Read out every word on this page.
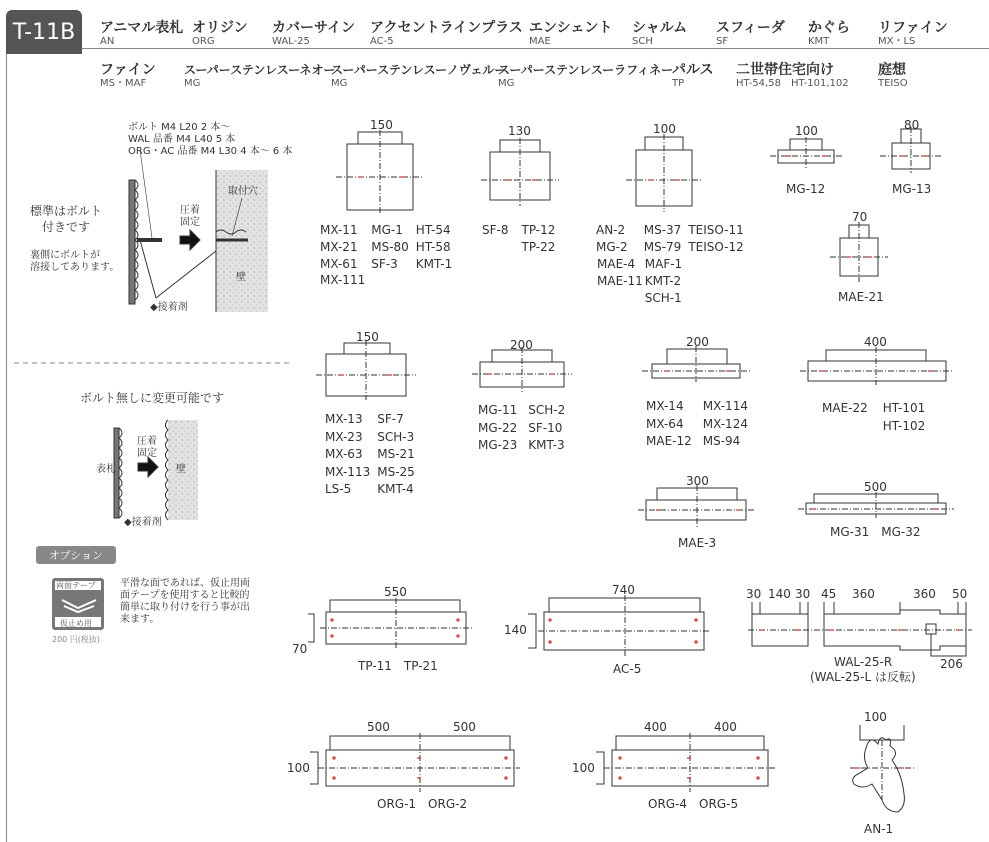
T-11B	アニマル表札
AN
オリジン
ORG
カバーサイン
WAL-25
アクセントラインプラス
AC-5
エンシェント
MAE
シャルム
SCH
スフィーダ
SF
かぐら
KMT
リファイン
MX・LS
ファイン
MS・MAF
スーパーステンレスーネオー
MG
スーパーステンレスーノヴェルー
MG
スーパーステンレスーラフィネー
MG
パルス
TP
二世帯住宅向け
HT-54,58　HT-101,102
庭想
TEISO
ボルト M4 L20 2 本〜
WAL 品番 M4 L40 5 本
ORG・AC 品番 M4 L30 4 本〜 6 本
標準はボルト
付きです
裏側にボルトが
溶接してあります。
圧着
固定
取付穴
壁
◆接着剤
ボルト無しに変更可能です
表札
圧着
固定
壁
◆接着剤
オプション
両面テープ
仮止め用
200 円(税抜)
平滑な面であれば、仮止用両
面テープを使用すると比較的
簡単に取り付けを行う事が出
来ます。
150	130	100	100	80
70
150
200	200	400
300	500
550
70
740
140
30 140 30 45 360	360 50
206
500	500
100
400	400
100
100
MX-11	MG-1	HT-54
MX-21	MS-80	HT-58
MX-61	SF-3	KMT-1
MX-111		
SF-8	TP-12
	TP-22
AN-2	MS-37	TEISO-11
MG-2	MS-79	TEISO-12
MAE-4	MAF-1	
MAE-11	KMT-2	
	SCH-1	
MG-12	MG-13
MAE-21
MX-13	SF-7
MX-23	SCH-3
MX-63	MS-21
MX-113	MS-25
LS-5	KMT-4
MG-11	SCH-2
MG-22	SF-10
MG-23	KMT-3
MX-14	MX-114
MX-64	MX-124
MAE-12	MS-94
MAE-22	HT-101
	HT-102
MAE-3
MG-31　MG-32
TP-11　TP-21	AC-5	WAL-25-R
(WAL-25-L は反転)
ORG-1　ORG-2	ORG-4　ORG-5
AN-1
